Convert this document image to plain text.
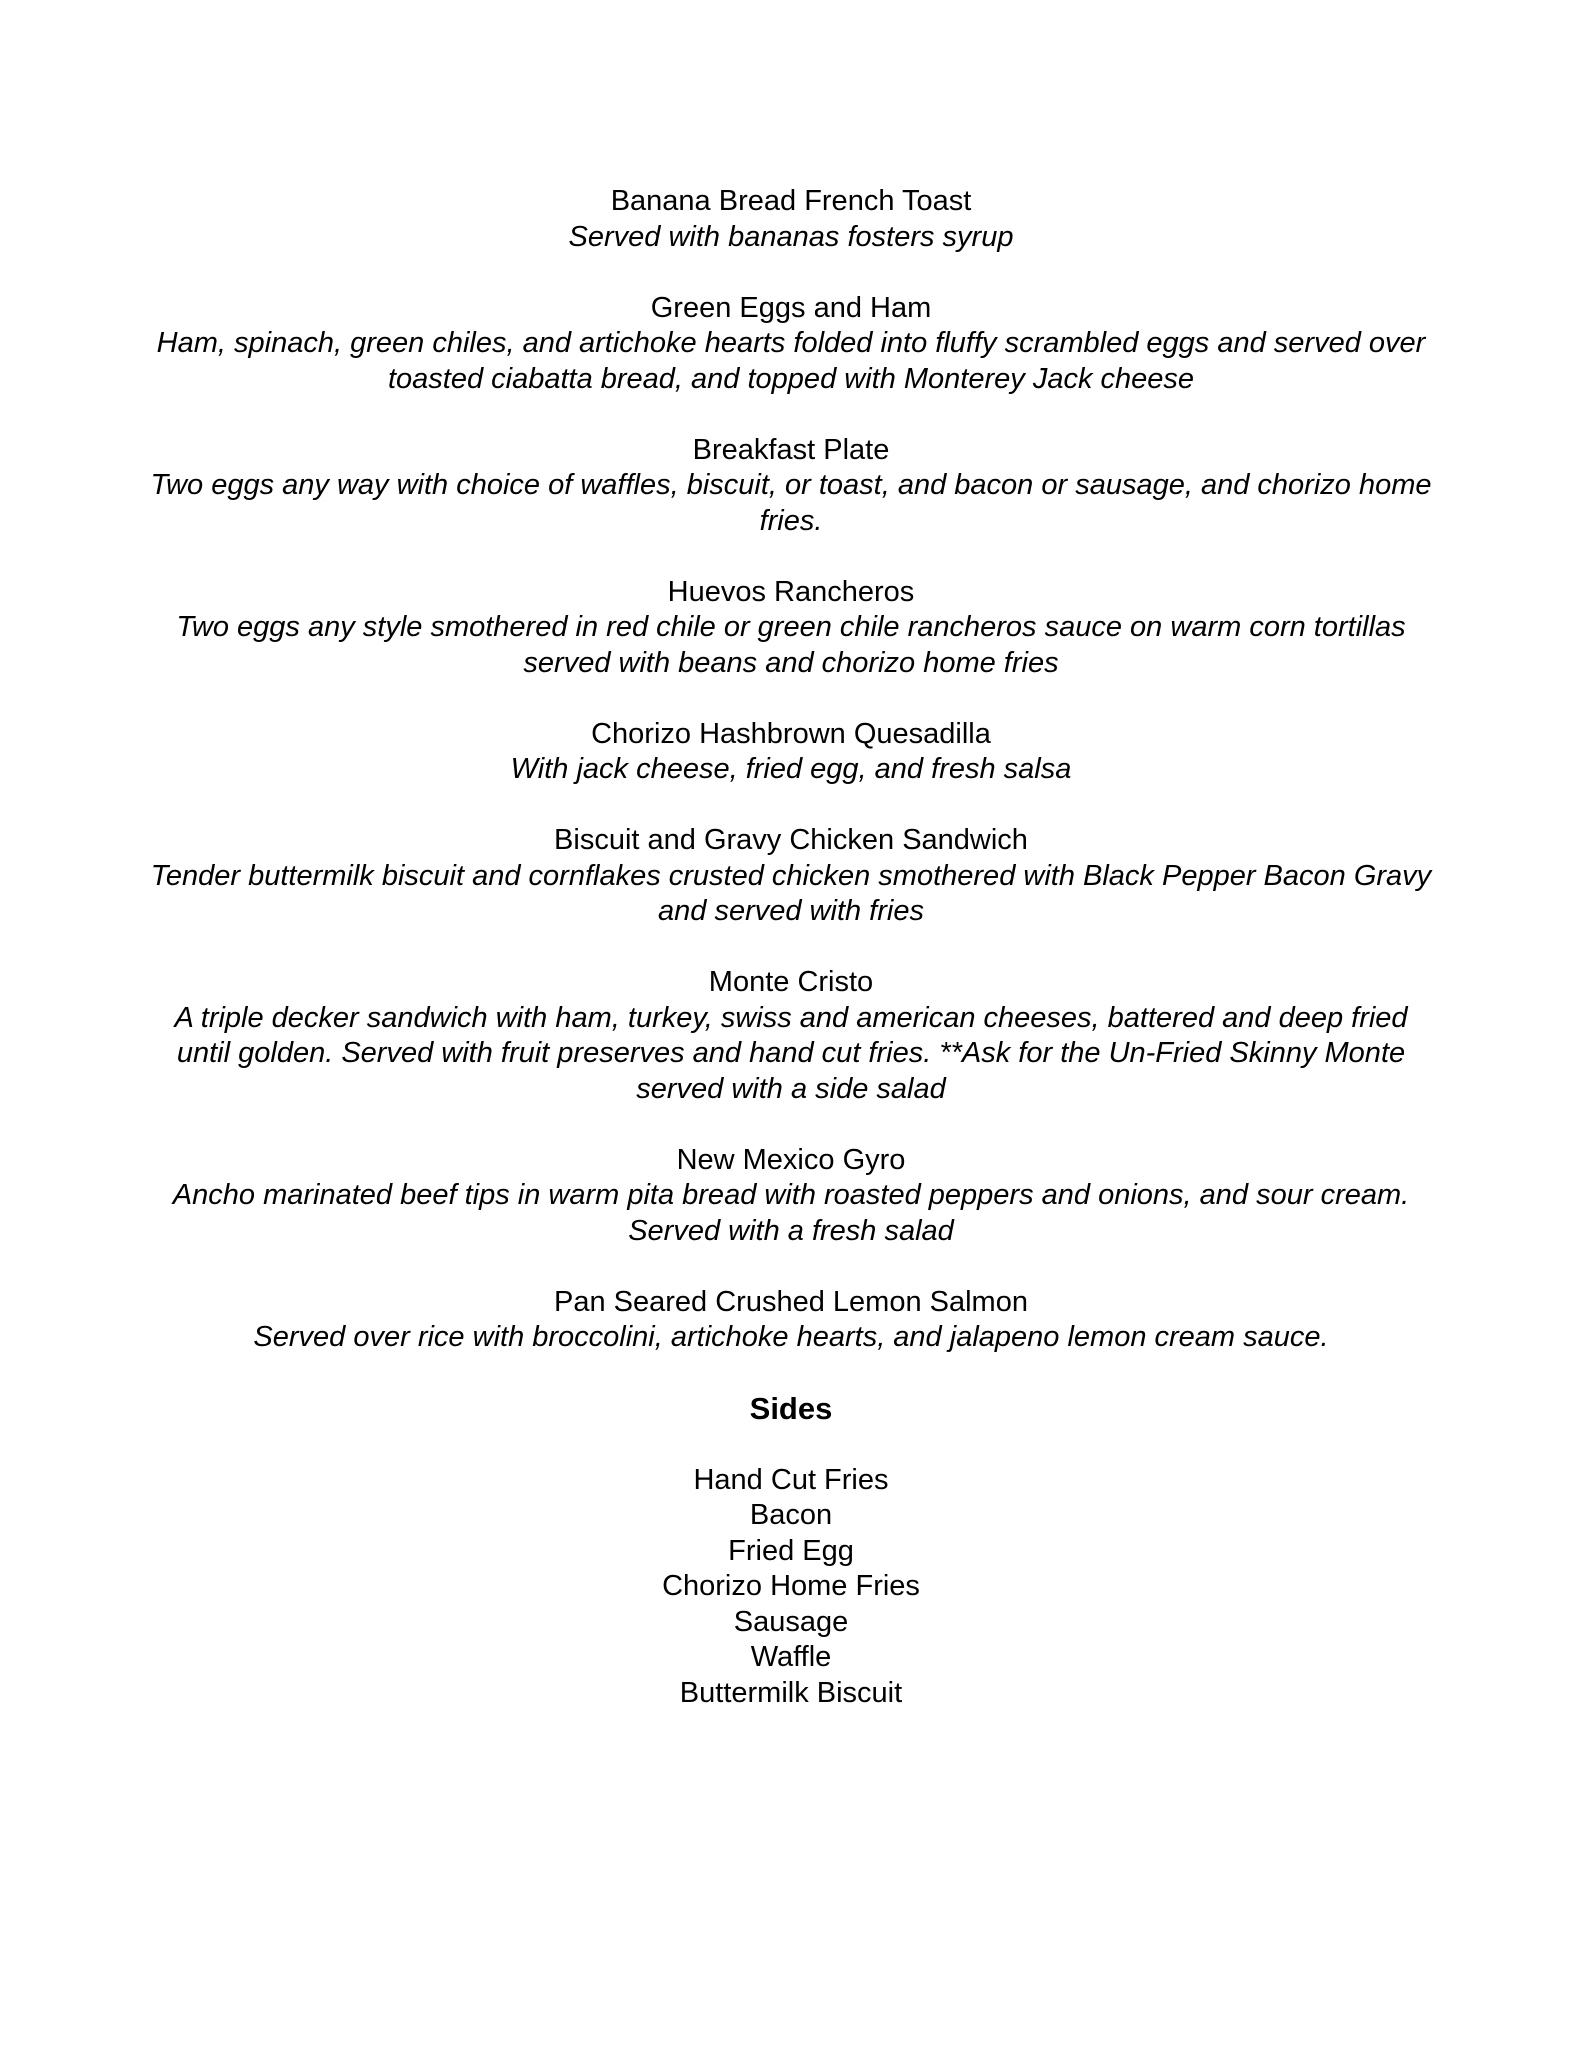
Banana Bread French Toast
Served with bananas fosters syrup
Green Eggs and Ham
Ham, spinach, green chiles, and artichoke hearts folded into fluffy scrambled eggs and served over toasted ciabatta bread, and topped with Monterey Jack cheese
Breakfast Plate
Two eggs any way with choice of waffles, biscuit, or toast, and bacon or sausage, and chorizo home fries.
Huevos Rancheros
Two eggs any style smothered in red chile or green chile rancheros sauce on warm corn tortillas served with beans and chorizo home fries
Chorizo Hashbrown Quesadilla
With jack cheese, fried egg, and fresh salsa
Biscuit and Gravy Chicken Sandwich
Tender buttermilk biscuit and cornflakes crusted chicken smothered with Black Pepper Bacon Gravy and served with fries
Monte Cristo
A triple decker sandwich with ham, turkey, swiss and american cheeses, battered and deep fried until golden. Served with fruit preserves and hand cut fries. **Ask for the Un-Fried Skinny Monte served with a side salad
New Mexico Gyro
Ancho marinated beef tips in warm pita bread with roasted peppers and onions, and sour cream. Served with a fresh salad
Pan Seared Crushed Lemon Salmon
Served over rice with broccolini, artichoke hearts, and jalapeno lemon cream sauce.
Sides
Hand Cut Fries
Bacon
Fried Egg
Chorizo Home Fries
Sausage
Waffle
Buttermilk Biscuit
